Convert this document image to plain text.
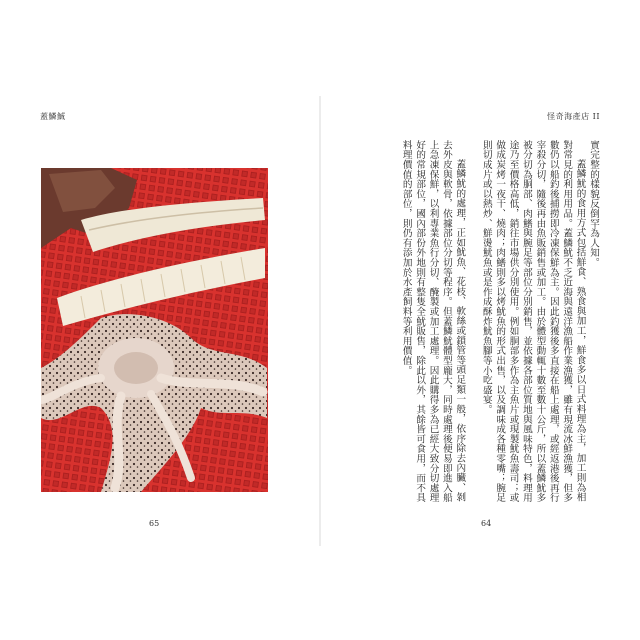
蓋鱗鯎	怪奇海產店 II

實完整的樣貌反倒罕為人知。

蓋鱗魷的食用方式包括鮮食、熟食與加工，鮮食多以日式料理為主，加工則為相對常見的利用用品。蓋鱗魷不乏近海與遠洋漁船作業漁獲，雖有現流冰鮮漁獲，但多數仍以船釣後捕撈即冷凍保鮮為主。因此釣獲後多直接在船上處理，或經返港後再行宰殺分切，隨後再由魚販銷售或加工。由於體型動輒十數至數十公斤，所以蓋鱗魷多被分切為胴部、肉鰭與腕足等部位分別銷售，並依據各部位質地與風味特色，料理用途乃至價格高低，銷往市場供分別使用。例如胴部多作為主魚片或現製魷魚壽司；或做成炭烤一夜干、燒肉；肉鰭則多以烤魷魚的形式出售，以及調味成各種零嘴；腕足則切成片或以熱炒、鮮燙魷魚或是作成酥炸魷魚腳等小吃盛宴。

蓋鱗魷的處理，正如魷魚、花枝、軟絲或鎖管等頭足類一般，依序除去內臟、剝去外皮與軟骨，依據部位分切等程序。但蓋鱗魷體型龐大，同時處理後便易即進入船上急凍保鮮，以利專業魚行分切、醃製或加工處理。因此購得多為已經大致分切處理好的常規部位，國內部份外地則有整隻全魷販售，除此以外，其餘皆可食用，而不具料理價值的部位，則仍有添加於水產飼料等利用價值。

65	64
